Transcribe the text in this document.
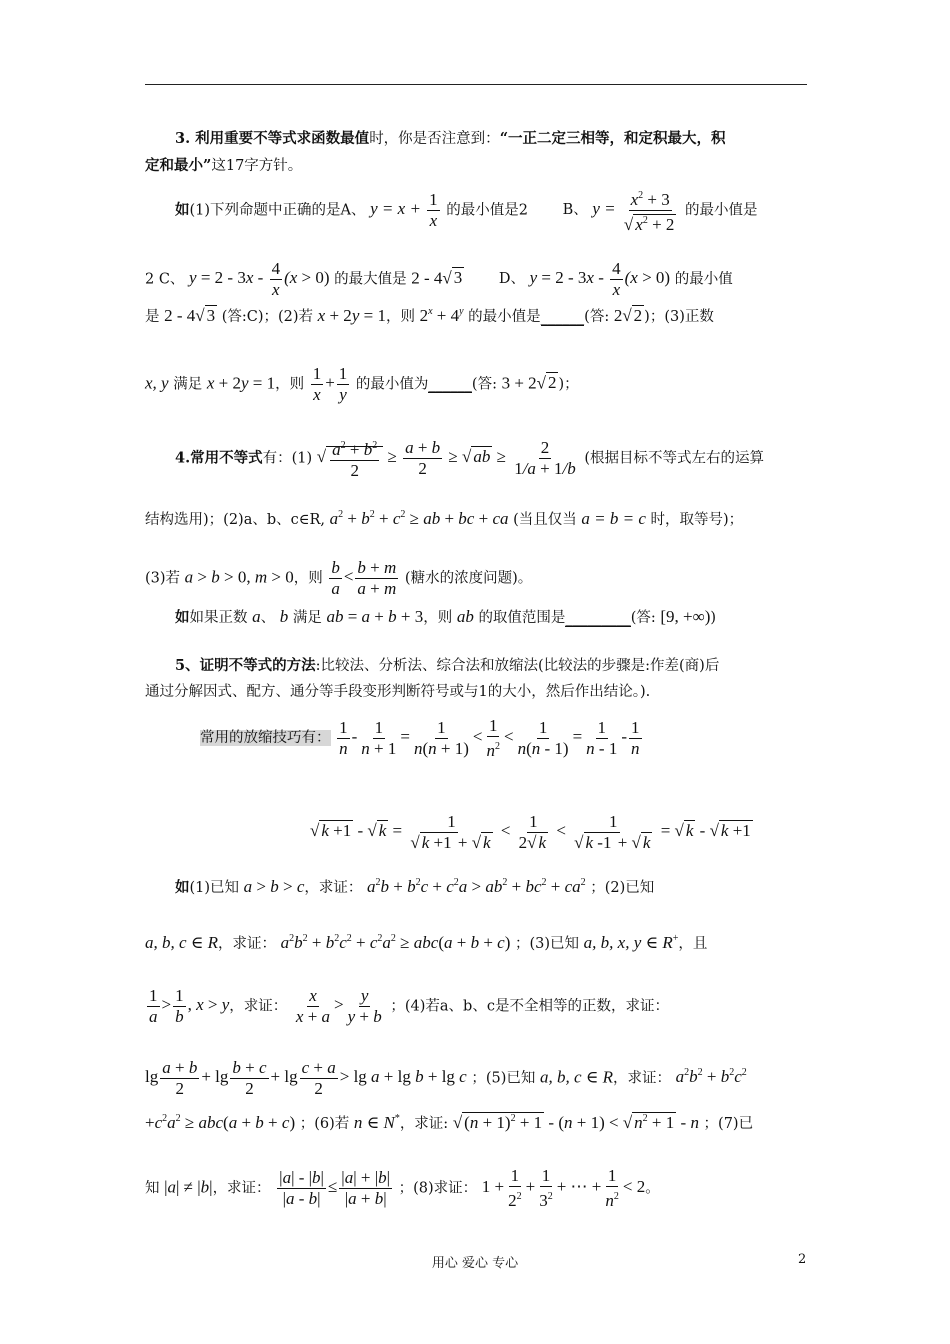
3. 利用重要不等式求函数最值时，你是否注意到：“一正二定三相等，和定积最大，积
定和最小”这17字方针。
如(1)下列命题中正确的是A、 $y = x + \frac{1}{x}$ 的最小值是2 B、 $y = \frac{x^2 + 3}{√ x^2 + 2}$ 的最小值是
2 C、 $y = 2 - 3x - \frac{4}{x} (x > 0)$ 的最大值是 2 - 4√ 3	D、 $y = 2 - 3x - \frac{4}{x} (x > 0)$ 的最小值
是 2 - 4√ 3 (答:C)；(2)若 x + 2y = 1，则 $2^x + 4^y$ 的最小值是______(答: 2√ 2 )；(3)正数
x, y 满足 x + 2y = 1，则 $\frac{1}{x} + \frac{1}{y}$ 的最小值为______(答: 3 + 2√ 2 )；
4.常用不等式有：(1) √ $\frac{a^2 + b^2}{2} \ge \frac{a + b}{2}$ ≥ √ ab ≥ $\frac{2}{1/a + 1/b}$ (根据目标不等式左右的运算
结构选用)；(2)a、b、c∈R, $a^2 + b^2 + c^2$ ≥ ab + bc + ca (当且仅当 a = b = c 时，取等号)；
(3)若 a > b > 0, m > 0，则 $\frac{b}{a} < \frac{b + m}{a + m}$ (糖水的浓度问题)。
如如果正数 a、 b 满足 ab = a + b + 3，则 ab 的取值范围是_________(答: [9, +∞))
5、证明不等式的方法:比较法、分析法、综合法和放缩法(比较法的步骤是:作差(商)后
通过分解因式、配方、通分等手段变形判断符号或与1的大小，然后作出结论。).
常用的放缩技巧有： $\frac{1}{n} - \frac{1}{n + 1} = \frac{1}{n(n + 1)} < \frac{1}{n^2} < \frac{1}{n(n - 1)} = \frac{1}{n - 1} - \frac{1}{n}$
√ k +1 - √ $k = \frac{1}{√ k +1 + √ k} < \frac{1}{2√ k} < \frac{1}{√ k -1 + √ k}$ = √ k - √ k +1
如(1)已知 a > b > c，求证： $a^2b + b^2c + c^2a > ab^2 + bc^2 + ca^2$ ；(2)已知
a, b, c ∈ R，求证： $a^2b^2 + b^2c^2 + c^2a^2 \ge abc(a + b + c)$ ；(3)已知 a, b, x, y ∈ R+，且
$\frac{1}{a} > \frac{1}{b}$ , x > y，求证： $\frac{x}{x + a} > \frac{y}{y + b}$ ；(4)若a、b、c是不全相等的正数，求证：
$\lg \frac{a + b}{2} + \lg \frac{b + c}{2} + \lg \frac{c + a}{2} > \lg a + \lg b + \lg c$ ；(5)已知 a, b, c ∈ R，求证： $a^2b^2 + b^2c^2$
$+c^2a^2 \ge abc(a + b + c)$ ；(6)若 n ∈ N*，求证: √ $(n + 1)^2 + 1 - (n + 1)$ < √ $n^2 + 1 - n$ ；(7)已
知 |a| ≠ |b|，求证： $\frac{|a| - |b|}{|a - b|} \le \frac{|a| + |b|}{|a + b|}$ ；(8)求证： $1 + \frac{1}{2^2} + \frac{1}{3^2}$ + ⋯ + $\frac{1}{n^2} < 2$。
用心 爱心 专心	2
